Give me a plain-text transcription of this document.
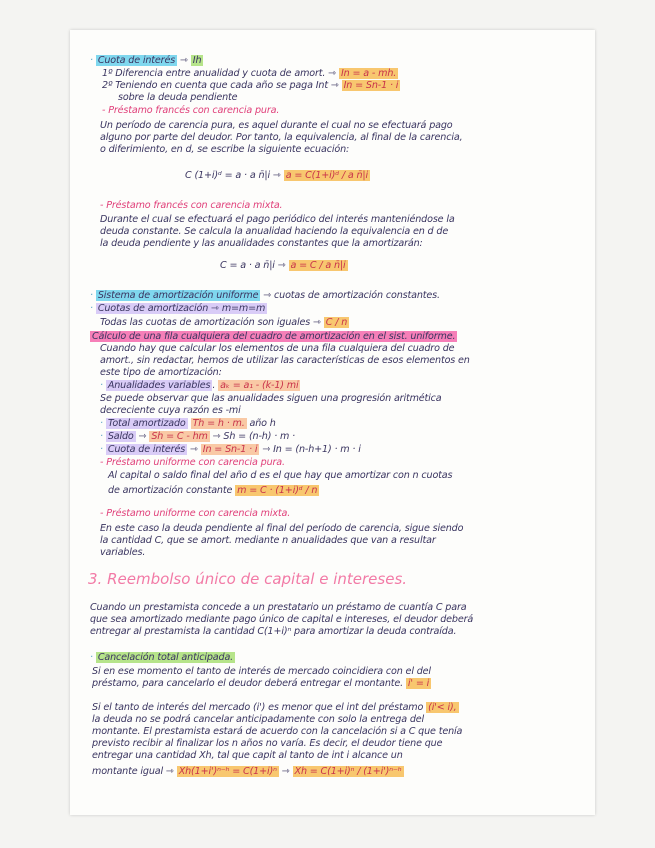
· Cuota de interés ⇾ Ih
1º Diferencia entre anualidad y cuota de amort. ⇾ In = a - mh.
2º Teniendo en cuenta que cada año se paga Int ⇾ In = Sn-1 · i
sobre la deuda pendiente
- Préstamo francés con carencia pura.
Un período de carencia pura, es aquel durante el cual no se efectuará pago
alguno por parte del deudor. Por tanto, la equivalencia, al final de la carencia,
o diferimiento, en d, se escribe la siguiente ecuación:
C (1+i)ᵈ = a · a n̄|i ⇾ a = C(1+i)ᵈ / a n̄|i
- Préstamo francés con carencia mixta.
Durante el cual se efectuará el pago periódico del interés manteniéndose la
deuda constante. Se calcula la anualidad haciendo la equivalencia en d de
la deuda pendiente y las anualidades constantes que la amortizarán:
C = a · a n̄|i ⇾ a = C / a n̄|i
· Sistema de amortización uniforme ⇾ cuotas de amortización constantes.
· Cuotas de amortización ⇾ m=m=m
Todas las cuotas de amortización son iguales ⇾ C / n
Cálculo de una fila cualquiera del cuadro de amortización en el sist. uniforme.
Cuando hay que calcular los elementos de una fila cualquiera del cuadro de
amort., sin redactar, hemos de utilizar las características de esos elementos en
este tipo de amortización:
· Anualidades variables . aₖ = a₁ - (k-1) mi
Se puede observar que las anualidades siguen una progresión aritmética
decreciente cuya razón es -mi
· Total amortizado Th = h · m. año h
· Saldo ⇾ Sh = C - hm ⇾ Sh = (n-h) · m ·
· Cuota de interés ⇾ In = Sn-1 · i ⇾ In = (n-h+1) · m · i
- Préstamo uniforme con carencia pura.
Al capital o saldo final del año d es el que hay que amortizar con n cuotas
de amortización constante m = C · (1+i)ᵈ / n
- Préstamo uniforme con carencia mixta.
En este caso la deuda pendiente al final del período de carencia, sigue siendo
la cantidad C, que se amort. mediante n anualidades que van a resultar
variables.
Cuando un prestamista concede a un prestatario un préstamo de cuantía C para
que sea amortizado mediante pago único de capital e intereses, el deudor deberá
entregar al prestamista la cantidad C(1+i)ⁿ para amortizar la deuda contraída.
· Cancelación total anticipada.
Si en ese momento el tanto de interés de mercado coincidiera con el del
préstamo, para cancelarlo el deudor deberá entregar el montante. i' = i
Si el tanto de interés del mercado (i') es menor que el int del préstamo (i'< i),
la deuda no se podrá cancelar anticipadamente con solo la entrega del
montante. El prestamista estará de acuerdo con la cancelación si a C que tenía
previsto recibir al finalizar los n años no varía. Es decir, el deudor tiene que
entregar una cantidad Xh, tal que capit al tanto de int i alcance un
montante igual ⇾ Xh(1+i')ⁿ⁻ʰ = C(1+i)ⁿ ⇾ Xh = C(1+i)ⁿ / (1+i')ⁿ⁻ʰ
3. Reembolso único de capital e intereses.
